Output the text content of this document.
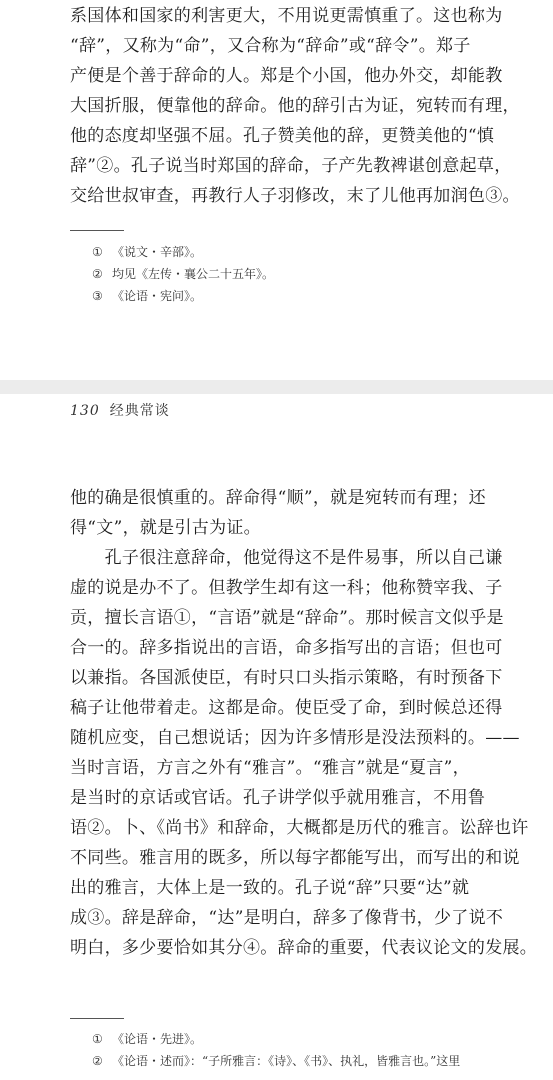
系国体和国家的利害更大，不用说更需慎重了。这也称为

“辞”，又称为“命”，又合称为“辞命”或“辞令”。郑子

产便是个善于辞命的人。郑是个小国，他办外交，却能教

大国折服，便靠他的辞命。他的辞引古为证，宛转而有理，

他的态度却坚强不屈。孔子赞美他的辞，更赞美他的“慎

辞”②。孔子说当时郑国的辞命，子产先教裨谌创意起草，

交给世叔审查，再教行人子羽修改，末了儿他再加润色③。

① 《说文・辛部》。
② 均见《左传・襄公二十五年》。
③ 《论语・宪问》。
130 经典常谈

他的确是很慎重的。辞命得“顺”，就是宛转而有理；还

得“文”，就是引古为证。

　　孔子很注意辞命，他觉得这不是件易事，所以自己谦

虚的说是办不了。但教学生却有这一科；他称赞宰我、子

贡，擅长言语①，“言语”就是“辞命”。那时候言文似乎是

合一的。辞多指说出的言语，命多指写出的言语；但也可

以兼指。各国派使臣，有时只口头指示策略，有时预备下

稿子让他带着走。这都是命。使臣受了命，到时候总还得

随机应变，自己想说话；因为许多情形是没法预料的。——

当时言语，方言之外有“雅言”。“雅言”就是“夏言”，

是当时的京话或官话。孔子讲学似乎就用雅言，不用鲁

语②。卜、《尚书》和辞命，大概都是历代的雅言。讼辞也许

不同些。雅言用的既多，所以每字都能写出，而写出的和说

出的雅言，大体上是一致的。孔子说“辞”只要“达”就

成③。辞是辞命，“达”是明白，辞多了像背书，少了说不

明白，多少要恰如其分④。辞命的重要，代表议论文的发展。

① 《论语・先进》。
② 《论语・述而》：“子所雅言：《诗》、《书》、执礼，皆雅言也。”这里
